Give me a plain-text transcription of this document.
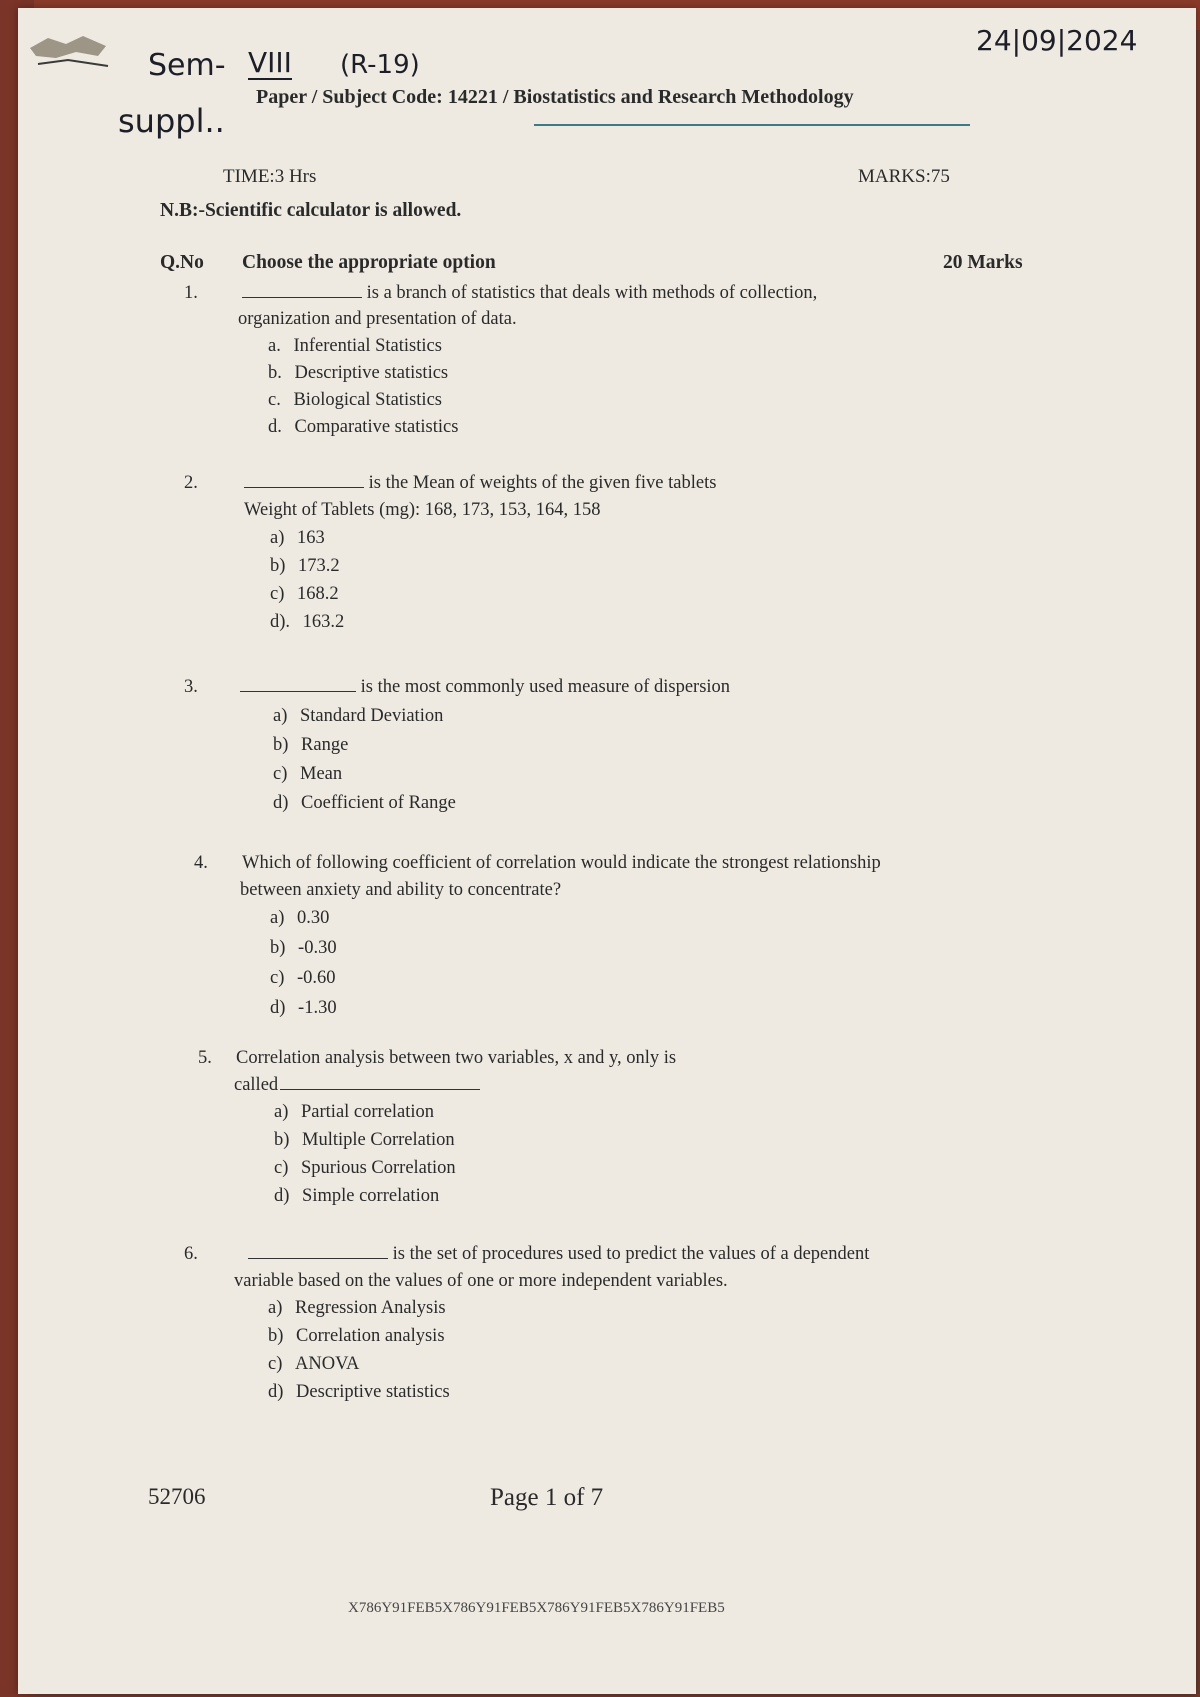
Sem- VIII (R-19)
suppl..
24|09|2024
Paper / Subject Code: 14221 / Biostatistics and Research Methodology
TIME:3 Hrs	MARKS:75
N.B:-Scientific calculator is allowed.
Q.No Choose the appropriate option	20 Marks
1.	is a branch of statistics that deals with methods of collection,
organization and presentation of data.
a. Inferential Statistics
b. Descriptive statistics
c. Biological Statistics
d. Comparative statistics
2.	is the Mean of weights of the given five tablets
Weight of Tablets (mg): 168, 173, 153, 164, 158
a) 163
b) 173.2
c) 168.2
d). 163.2
3.	is the most commonly used measure of dispersion
a) Standard Deviation
b) Range
c) Mean
d) Coefficient of Range
4. Which of following coefficient of correlation would indicate the strongest relationship
between anxiety and ability to concentrate?
a) 0.30
b) -0.30
c) -0.60
d) -1.30
5. Correlation analysis between two variables, x and y, only is
called
a) Partial correlation
b) Multiple Correlation
c) Spurious Correlation
d) Simple correlation
6.	is the set of procedures used to predict the values of a dependent
variable based on the values of one or more independent variables.
a) Regression Analysis
b) Correlation analysis
c) ANOVA
d) Descriptive statistics
52706	Page 1 of 7
X786Y91FEB5X786Y91FEB5X786Y91FEB5X786Y91FEB5
